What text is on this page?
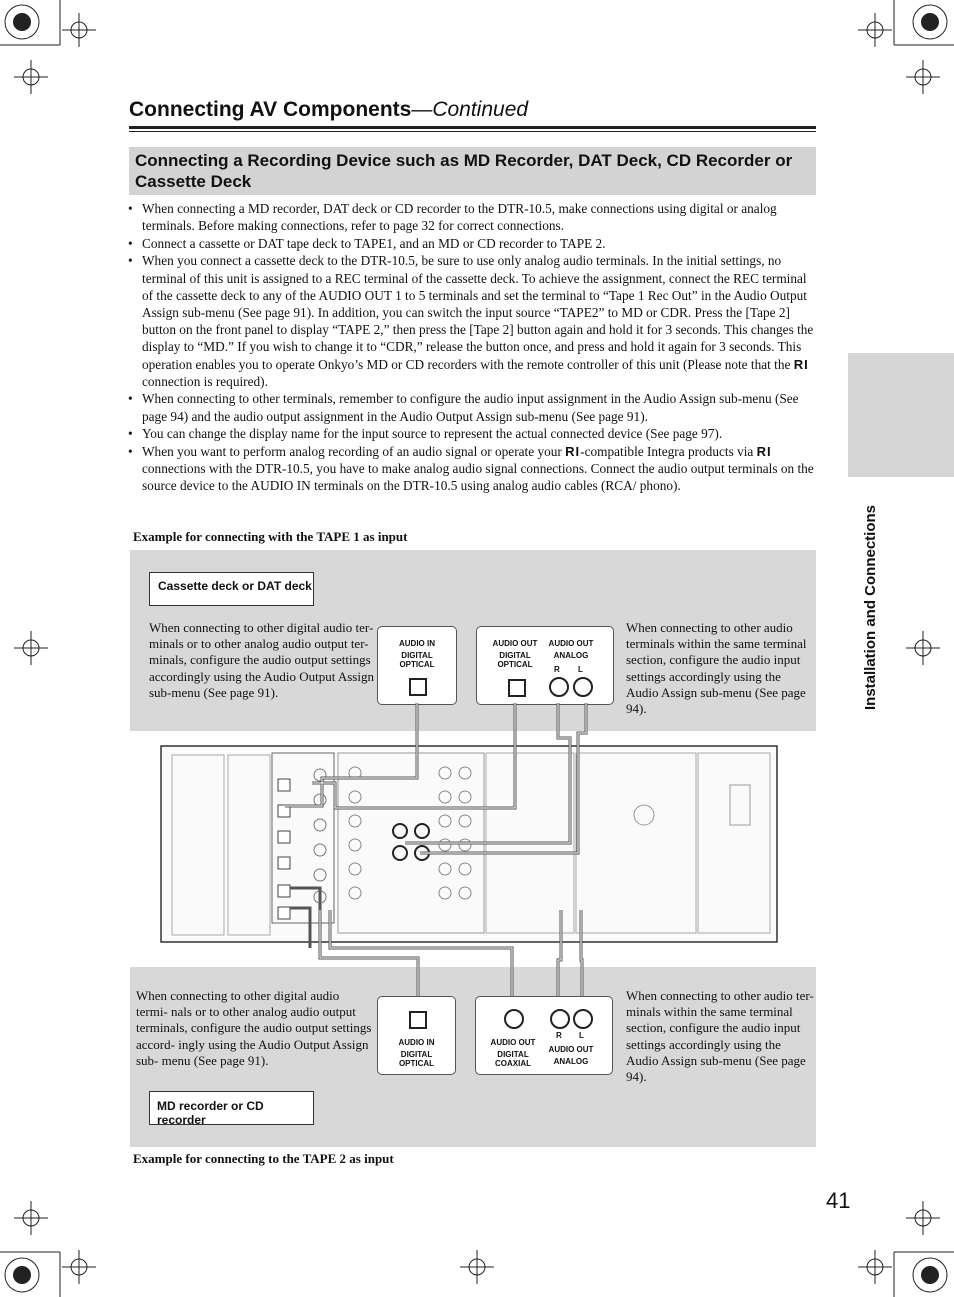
Connecting AV Components—Continued
Connecting a Recording Device such as MD Recorder, DAT Deck, CD Recorder or Cassette Deck
• When connecting a MD recorder, DAT deck or CD recorder to the DTR-10.5, make connections using digital or analog terminals. Before making connections, refer to page 32 for correct connections.
• Connect a cassette or DAT tape deck to TAPE1, and an MD or CD recorder to TAPE 2.
• When you connect a cassette deck to the DTR-10.5, be sure to use only analog audio terminals. In the initial settings, no terminal of this unit is assigned to a REC terminal of the cassette deck. To achieve the assignment, connect the REC terminal of the cassette deck to any of the AUDIO OUT 1 to 5 terminals and set the terminal to “Tape 1 Rec Out” in the Audio Output Assign sub-menu (See page 91). In addition, you can switch the input source “TAPE2” to MD or CDR. Press the [Tape 2] button on the front panel to display “TAPE 2,” then press the [Tape 2] button again and hold it for 3 seconds. This changes the display to “MD.” If you wish to change it to “CDR,” release the button once, and press and hold it again for 3 seconds. This operation enables you to operate Onkyo’s MD or CD recorders with the remote controller of this unit (Please note that the RI connection is required).
• When connecting to other terminals, remember to configure the audio input assignment in the Audio Assign sub-menu (See page 94) and the audio output assignment in the Audio Output Assign sub-menu (See page 91).
• You can change the display name for the input source to represent the actual connected device (See page 97).
• When you want to perform analog recording of an audio signal or operate your RI-compatible Integra products via RI connections with the DTR-10.5, you have to make analog audio signal connections. Connect the audio output terminals on the source device to the AUDIO IN terminals on the DTR-10.5 using analog audio cables (RCA/ phono).
Installation and Connections
Example for connecting with the TAPE 1 as input
Cassette deck or DAT deck
When connecting to other digital audio ter- minals or to other analog audio output ter- minals, configure the audio output settings accordingly using the Audio Output Assign sub-menu (See page 91).
When connecting to other audio terminals within the same terminal section, configure the audio input settings accordingly using the Audio Assign sub-menu (See page 94).
AUDIO IN
DIGITAL
OPTICAL
AUDIO OUT
DIGITAL
OPTICAL
AUDIO OUT
ANALOG
R L
When connecting to other digital audio termi- nals or to other analog audio output terminals, configure the audio output settings accord- ingly using the Audio Output Assign sub- menu (See page 91).
When connecting to other audio ter- minals within the same terminal section, configure the audio input settings accordingly using the Audio Assign sub-menu (See page 94).
AUDIO IN
DIGITAL
OPTICAL
R L
AUDIO OUT
DIGITAL
COAXIAL
AUDIO OUT
ANALOG
MD recorder or CD recorder
Example for connecting to the TAPE 2 as input
41
